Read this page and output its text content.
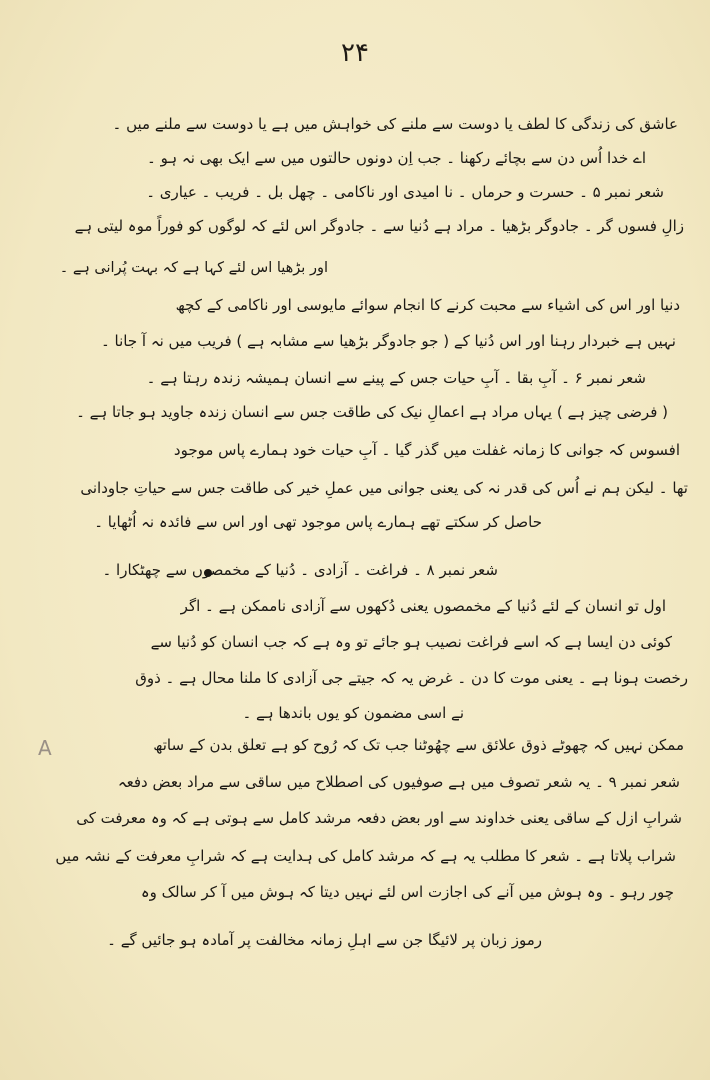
۲۴
عاشق کی زندگی کا لطف یا دوست سے ملنے کی خواہش میں ہے یا دوست سے ملنے میں ۔
اے خدا اُس دن سے بچائے رکھنا ۔ جب اِن دونوں حالتوں میں سے ایک بھی نہ ہو ۔
شعر نمبر ۵ ۔ حسرت و حرماں ۔ نا امیدی اور ناکامی ۔ چھل بل ۔ فریب ۔ عیاری ۔
زالِ فسوں گر ۔ جادوگر بڑھیا ۔ مراد ہے دُنیا سے ۔ جادوگر اس لئے کہ لوگوں کو فوراً موہ لیتی ہے
اور بڑھیا اس لئے کہا ہے کہ بہت پُرانی ہے ۔
دنیا اور اس کی اشیاء سے محبت کرنے کا انجام سوائے مایوسی اور ناکامی کے کچھ
نہیں ہے خبردار رہنا اور اس دُنیا کے ( جو جادوگر بڑھیا سے مشابہ ہے ) فریب میں نہ آ جانا ۔
شعر نمبر ۶ ۔ آبِ بقا ۔ آبِ حیات جس کے پینے سے انسان ہمیشہ زندہ رہتا ہے ۔
( فرضی چیز ہے ) یہاں مراد ہے اعمالِ نیک کی طاقت جس سے انسان زندہ جاوید ہو جاتا ہے ۔
افسوس کہ جوانی کا زمانہ غفلت میں گذر گیا ۔ آبِ حیات خود ہمارے پاس موجود
تھا ۔ لیکن ہم نے اُس کی قدر نہ کی یعنی جوانی میں عملِ خیر کی طاقت جس سے حیاتِ جاودانی
حاصل کر سکتے تھے ہمارے پاس موجود تھی اور اس سے فائدہ نہ اُٹھایا ۔
شعر نمبر ۸ ۔ فراغت ۔ آزادی ۔ دُنیا کے مخمصوں سے چھٹکارا ۔
اول تو انسان کے لئے دُنیا کے مخمصوں یعنی دُکھوں سے آزادی ناممکن ہے ۔ اگر
کوئی دن ایسا ہے کہ اسے فراغت نصیب ہو جائے تو وہ ہے کہ جب انسان کو دُنیا سے
رخصت ہونا ہے ۔ یعنی موت کا دن ۔ غرض یہ کہ جیتے جی آزادی کا ملنا محال ہے ۔ ذوق
نے اسی مضمون کو یوں باندھا ہے ۔
A	ممکن نہیں کہ چھوٹے ذوق علائق سے چھُوٹنا جب تک کہ رُوح کو ہے تعلق بدن کے ساتھ
شعر نمبر ۹ ۔ یہ شعر تصوف میں ہے صوفیوں کی اصطلاح میں ساقی سے مراد بعض دفعہ
شرابِ ازل کے ساقی یعنی خداوند سے اور بعض دفعہ مرشد کامل سے ہوتی ہے کہ وہ معرفت کی
شراب پلاتا ہے ۔ شعر کا مطلب یہ ہے کہ مرشد کامل کی ہدایت ہے کہ شرابِ معرفت کے نشہ میں
چور رہو ۔ وہ ہوش میں آنے کی اجازت اس لئے نہیں دیتا کہ ہوش میں آ کر سالک وہ
رموز زبان پر لائیگا جن سے اہلِ زمانہ مخالفت پر آمادہ ہو جائیں گے ۔
